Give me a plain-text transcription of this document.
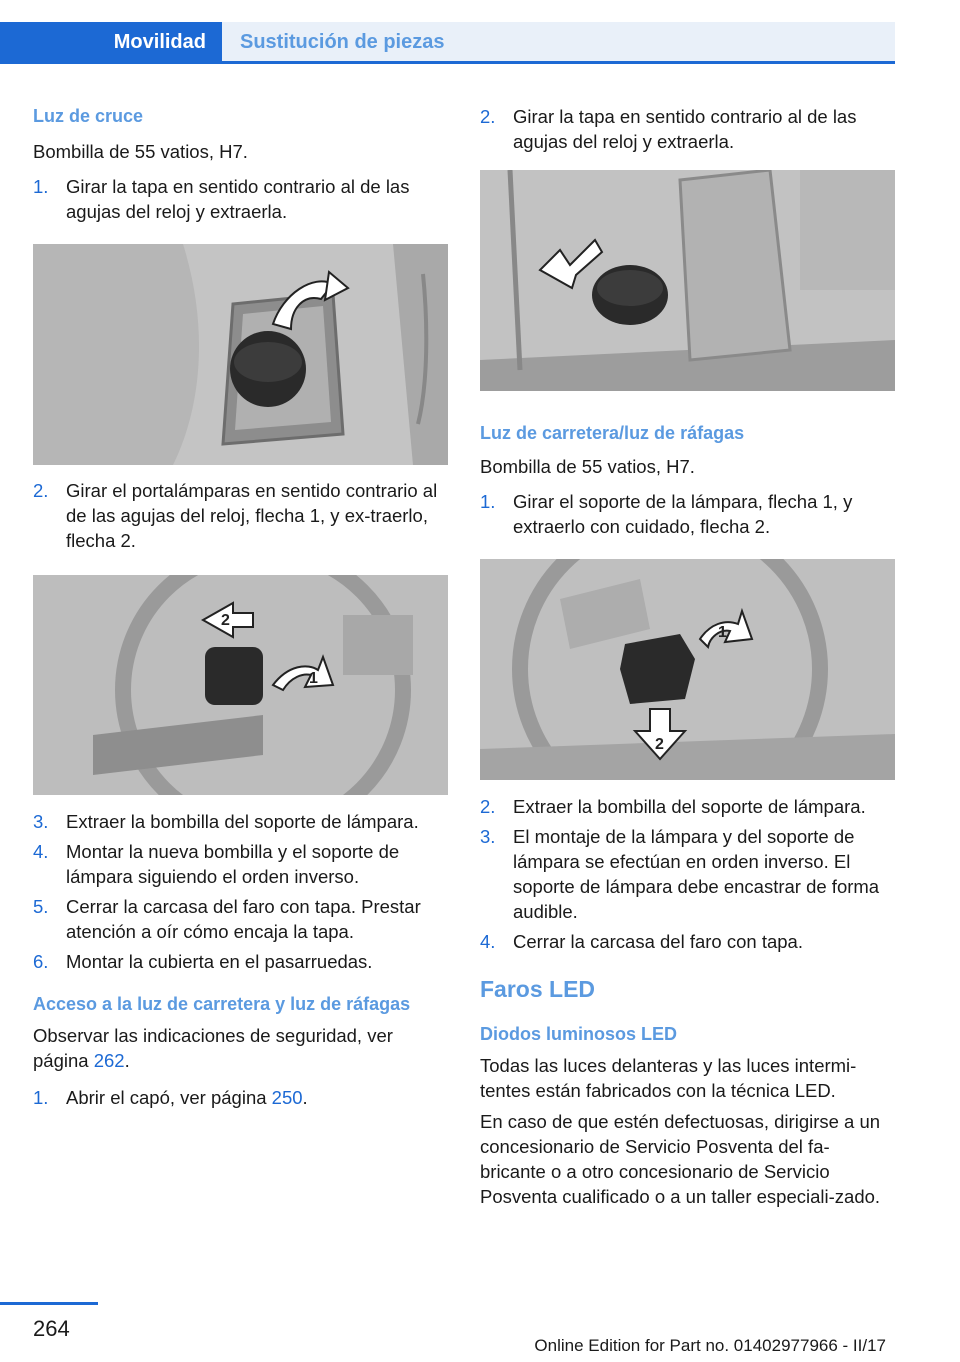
Movilidad Sustitución de piezas
Luz de cruce
Bombilla de 55 vatios, H7.
1. Girar la tapa en sentido contrario al de las agujas del reloj y extraerla.
2. Girar el portalámparas en sentido contrario al de las agujas del reloj, flecha 1, y ex‐traerlo, flecha 2.
2
1
3. Extraer la bombilla del soporte de lámpara.
4. Montar la nueva bombilla y el soporte de lámpara siguiendo el orden inverso.
5. Cerrar la carcasa del faro con tapa. Prestar atención a oír cómo encaja la tapa.
6. Montar la cubierta en el pasarruedas.
Acceso a la luz de carretera y luz de ráfagas
Observar las indicaciones de seguridad, ver página 262.
1. Abrir el capó, ver página 250.
2. Girar la tapa en sentido contrario al de las agujas del reloj y extraerla.
Luz de carretera/luz de ráfagas
Bombilla de 55 vatios, H7.
1. Girar el soporte de la lámpara, flecha 1, y extraerlo con cuidado, flecha 2.
1
2
2. Extraer la bombilla del soporte de lámpara.
3. El montaje de la lámpara y del soporte de lámpara se efectúan en orden inverso. El soporte de lámpara debe encastrar de forma audible.
4. Cerrar la carcasa del faro con tapa.
Faros LED
Diodos luminosos LED
Todas las luces delanteras y las luces intermi‐tentes están fabricados con la técnica LED.
En caso de que estén defectuosas, dirigirse a un concesionario de Servicio Posventa del fa‐bricante o a otro concesionario de Servicio Posventa cualificado o a un taller especiali‐zado.
264
Online Edition for Part no. 01402977966 - II/17
